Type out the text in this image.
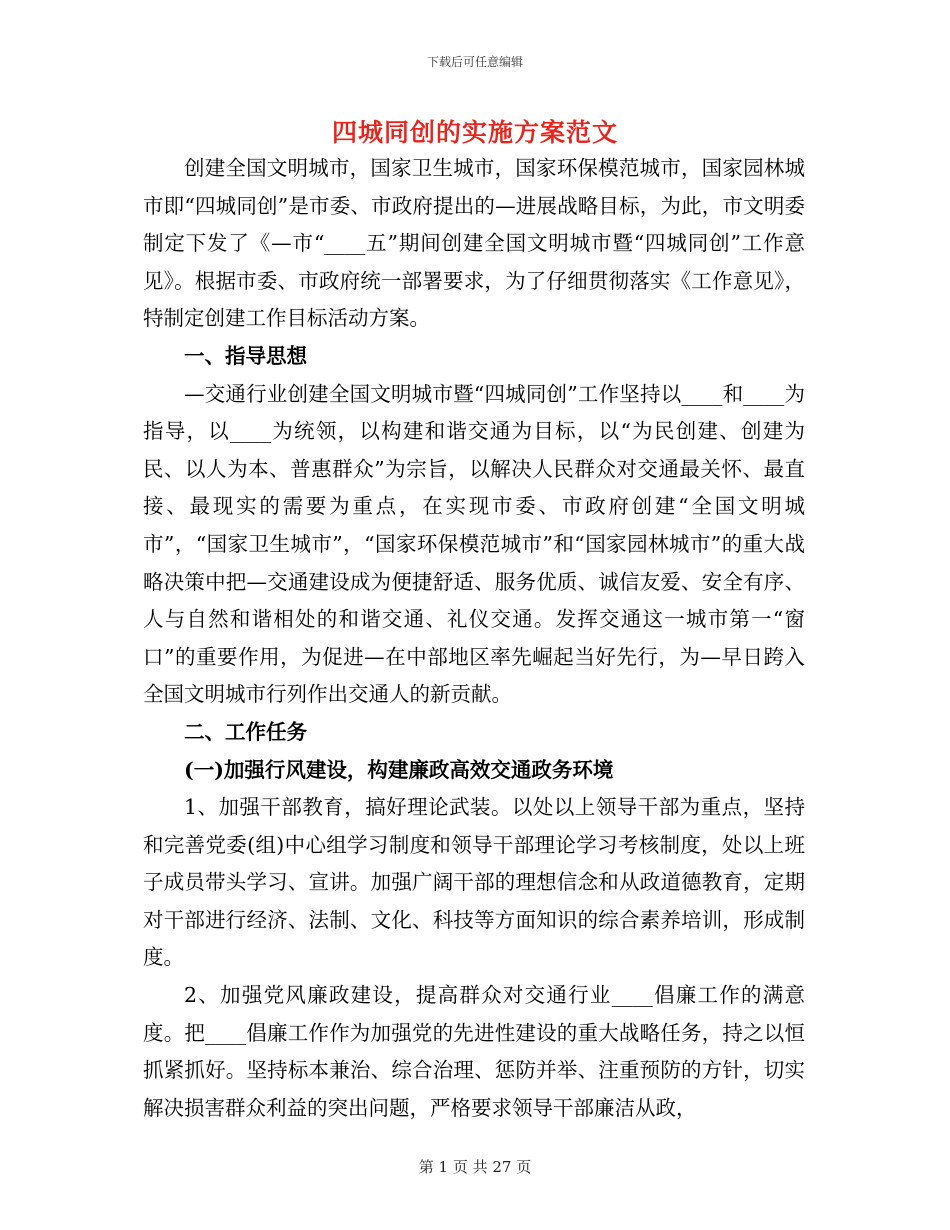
下载后可任意编辑
四城同创的实施方案范文

创建全国文明城市，国家卫生城市，国家环保模范城市，国家园林城市即“四城同创”是市委、市政府提出的—进展战略目标，为此，市文明委制定下发了《—市“____五”期间创建全国文明城市暨“四城同创”工作意见》。根据市委、市政府统一部署要求，为了仔细贯彻落实《工作意见》，特制定创建工作目标活动方案。

一、指导思想

—交通行业创建全国文明城市暨“四城同创”工作坚持以____和____为指导，以____为统领，以构建和谐交通为目标，以“为民创建、创建为民、以人为本、普惠群众”为宗旨，以解决人民群众对交通最关怀、最直接、最现实的需要为重点，在实现市委、市政府创建“全国文明城市”，“国家卫生城市”，“国家环保模范城市”和“国家园林城市”的重大战略决策中把—交通建设成为便捷舒适、服务优质、诚信友爱、安全有序、人与自然和谐相处的和谐交通、礼仪交通。发挥交通这一城市第一“窗口”的重要作用，为促进—在中部地区率先崛起当好先行，为—早日跨入全国文明城市行列作出交通人的新贡献。

二、工作任务

(一)加强行风建设，构建廉政高效交通政务环境

1、加强干部教育，搞好理论武装。以处以上领导干部为重点，坚持和完善党委(组)中心组学习制度和领导干部理论学习考核制度，处以上班子成员带头学习、宣讲。加强广阔干部的理想信念和从政道德教育，定期对干部进行经济、法制、文化、科技等方面知识的综合素养培训，形成制度。

2、加强党风廉政建设，提高群众对交通行业____倡廉工作的满意度。把____倡廉工作作为加强党的先进性建设的重大战略任务，持之以恒抓紧抓好。坚持标本兼治、综合治理、惩防并举、注重预防的方针，切实解决损害群众利益的突出问题，严格要求领导干部廉洁从政，

第 1 页 共 27 页
